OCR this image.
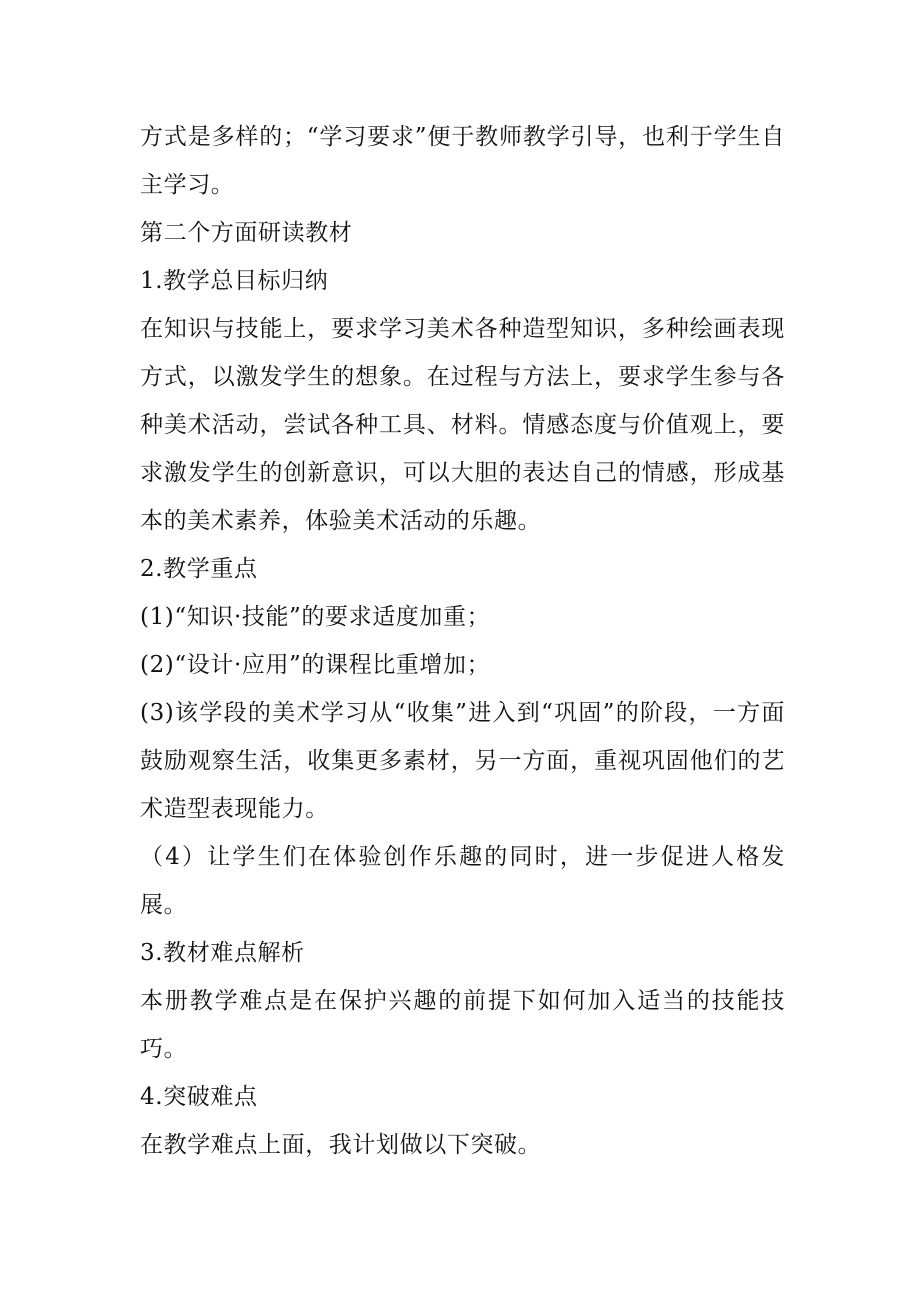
方式是多样的；“学习要求”便于教师教学引导，也利于学生自主学习。

第二个方面研读教材

1.教学总目标归纳

在知识与技能上，要求学习美术各种造型知识，多种绘画表现方式，以激发学生的想象。在过程与方法上，要求学生参与各种美术活动，尝试各种工具、材料。情感态度与价值观上，要求激发学生的创新意识，可以大胆的表达自己的情感，形成基本的美术素养，体验美术活动的乐趣。

2.教学重点

(1)“知识·技能”的要求适度加重；

(2)“设计·应用”的课程比重增加；

(3)该学段的美术学习从“收集”进入到“巩固”的阶段，一方面鼓励观察生活，收集更多素材，另一方面，重视巩固他们的艺术造型表现能力。

（4）让学生们在体验创作乐趣的同时，进一步促进人格发展。

3.教材难点解析

本册教学难点是在保护兴趣的前提下如何加入适当的技能技巧。

4.突破难点

在教学难点上面，我计划做以下突破。
